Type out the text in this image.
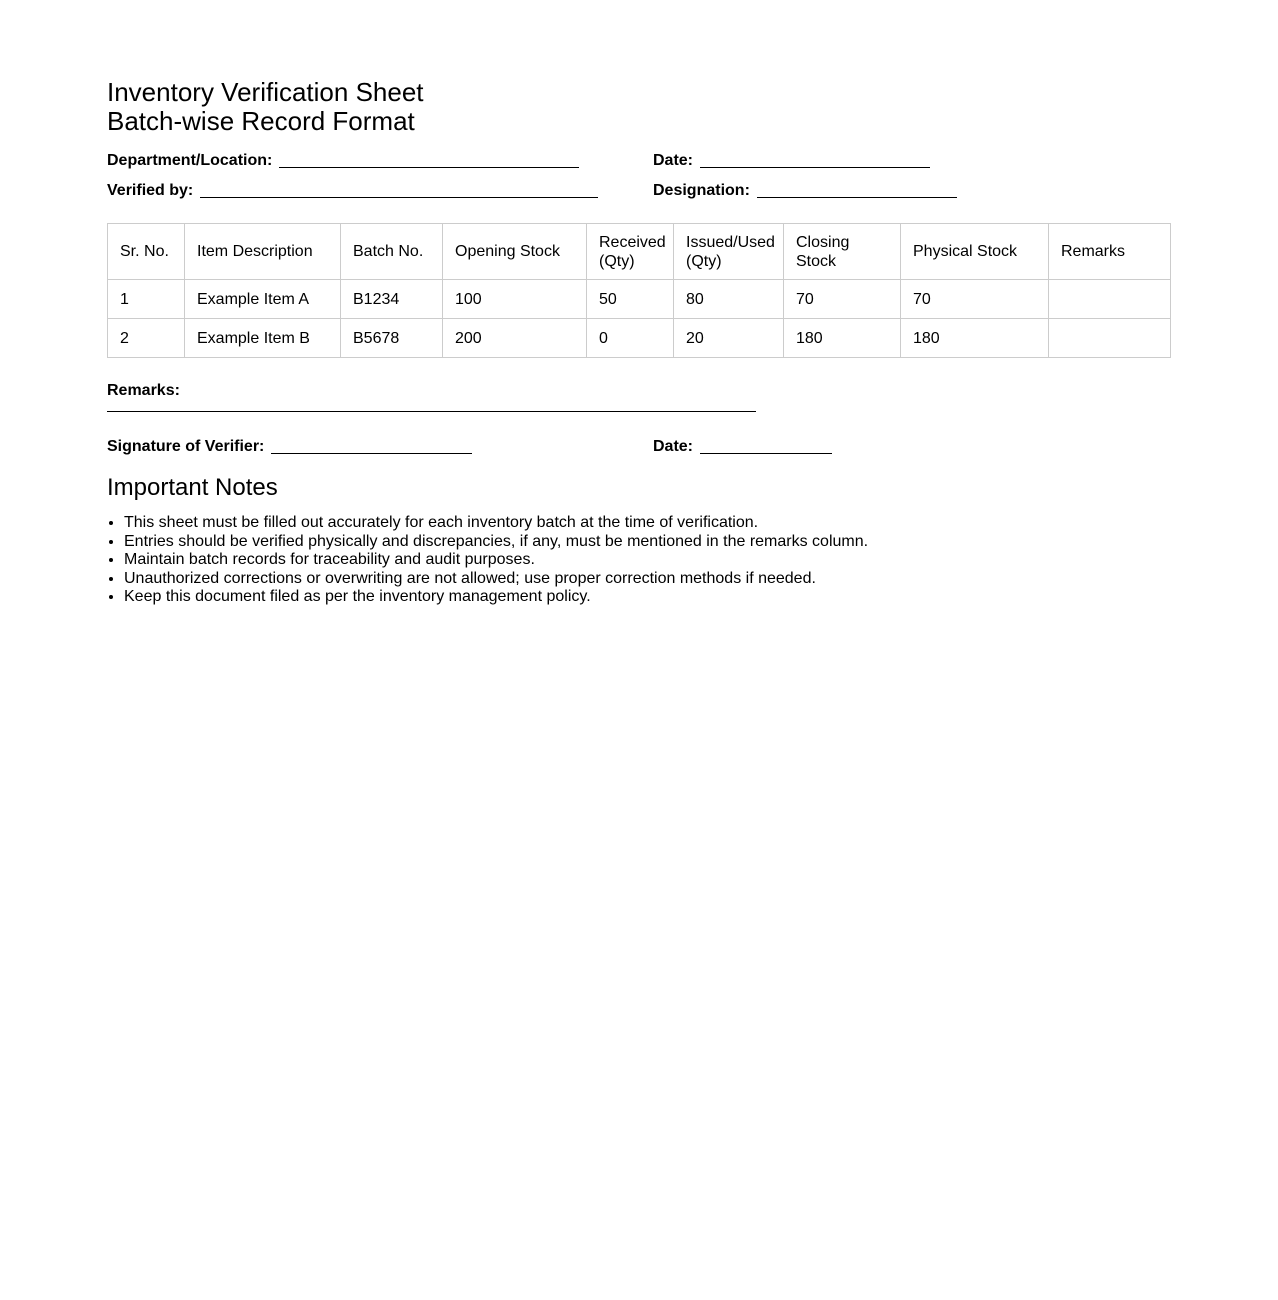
Inventory Verification Sheet
Batch-wise Record Format
Department/Location:	Date:
Verified by:	Designation:
Sr. No.	Item Description	Batch No.	Opening Stock	Received (Qty)	Issued/Used (Qty)	Closing Stock	Physical Stock	Remarks
1	Example Item A	B1234	100	50	80	70	70	
2	Example Item B	B5678	200	0	20	180	180	
Remarks:
Signature of Verifier:	Date:
Important Notes
• This sheet must be filled out accurately for each inventory batch at the time of verification.
• Entries should be verified physically and discrepancies, if any, must be mentioned in the remarks column.
• Maintain batch records for traceability and audit purposes.
• Unauthorized corrections or overwriting are not allowed; use proper correction methods if needed.
• Keep this document filed as per the inventory management policy.
